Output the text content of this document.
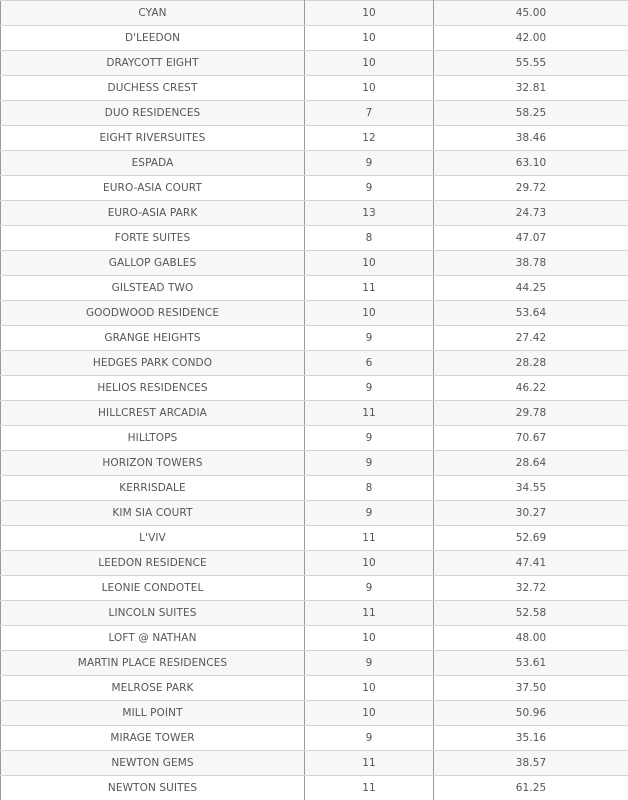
CYAN	10	45.00
D'LEEDON	10	42.00
DRAYCOTT EIGHT	10	55.55
DUCHESS CREST	10	32.81
DUO RESIDENCES	7	58.25
EIGHT RIVERSUITES	12	38.46
ESPADA	9	63.10
EURO-ASIA COURT	9	29.72
EURO-ASIA PARK	13	24.73
FORTE SUITES	8	47.07
GALLOP GABLES	10	38.78
GILSTEAD TWO	11	44.25
GOODWOOD RESIDENCE	10	53.64
GRANGE HEIGHTS	9	27.42
HEDGES PARK CONDO	6	28.28
HELIOS RESIDENCES	9	46.22
HILLCREST ARCADIA	11	29.78
HILLTOPS	9	70.67
HORIZON TOWERS	9	28.64
KERRISDALE	8	34.55
KIM SIA COURT	9	30.27
L'VIV	11	52.69
LEEDON RESIDENCE	10	47.41
LEONIE CONDOTEL	9	32.72
LINCOLN SUITES	11	52.58
LOFT @ NATHAN	10	48.00
MARTIN PLACE RESIDENCES	9	53.61
MELROSE PARK	10	37.50
MILL POINT	10	50.96
MIRAGE TOWER	9	35.16
NEWTON GEMS	11	38.57
NEWTON SUITES	11	61.25
